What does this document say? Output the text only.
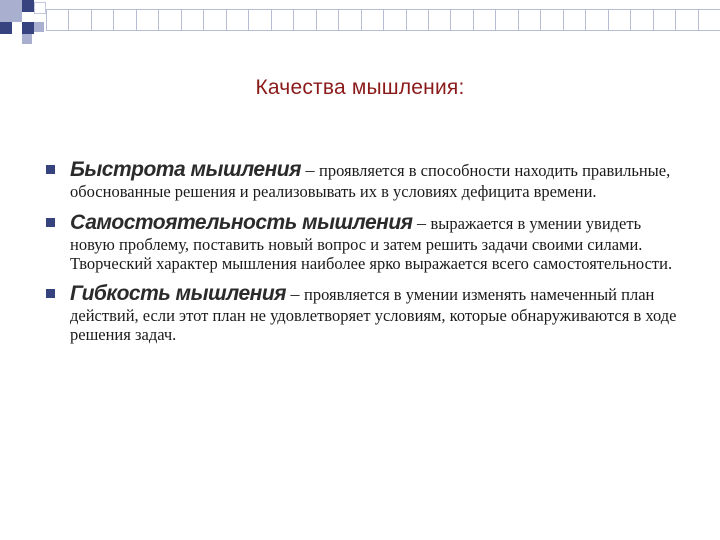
Качества мышления:
Быстрота мышления – проявляется в способности находить правильные, обоснованные решения и реализовывать их в условиях дефицита времени.
Самостоятельность мышления – выражается в умении увидеть новую проблему, поставить новый вопрос и затем решить задачи своими силами. Творческий характер мышления наиболее ярко выражается всего самостоятельности.
Гибкость мышления – проявляется в умении изменять намеченный план действий, если этот план не удовлетворяет условиям, которые обнаруживаются в ходе решения задач.
